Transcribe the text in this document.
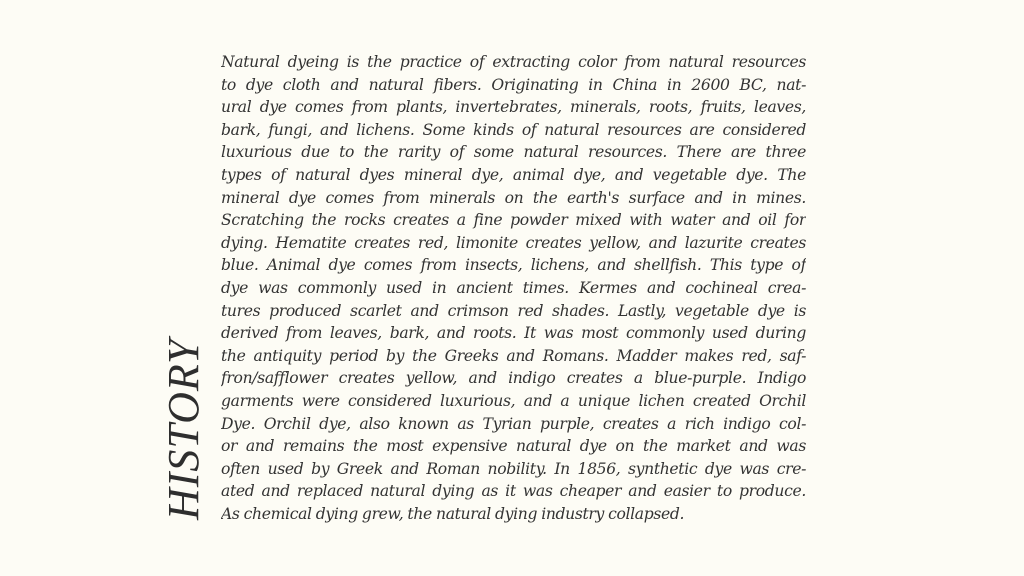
HISTORY
Natural dyeing is the practice of extracting color from natural resources
to dye cloth and natural fibers. Originating in China in 2600 BC, nat-
ural dye comes from plants, invertebrates, minerals, roots, fruits, leaves,
bark, fungi, and lichens. Some kinds of natural resources are considered
luxurious due to the rarity of some natural resources. There are three
types of natural dyes mineral dye, animal dye, and vegetable dye. The
mineral dye comes from minerals on the earth's surface and in mines.
Scratching the rocks creates a fine powder mixed with water and oil for
dying. Hematite creates red, limonite creates yellow, and lazurite creates
blue. Animal dye comes from insects, lichens, and shellfish. This type of
dye was commonly used in ancient times. Kermes and cochineal crea-
tures produced scarlet and crimson red shades. Lastly, vegetable dye is
derived from leaves, bark, and roots. It was most commonly used during
the antiquity period by the Greeks and Romans. Madder makes red, saf-
fron/safflower creates yellow, and indigo creates a blue-purple. Indigo
garments were considered luxurious, and a unique lichen created Orchil
Dye. Orchil dye, also known as Tyrian purple, creates a rich indigo col-
or and remains the most expensive natural dye on the market and was
often used by Greek and Roman nobility. In 1856, synthetic dye was cre-
ated and replaced natural dying as it was cheaper and easier to produce.
As chemical dying grew, the natural dying industry collapsed.
